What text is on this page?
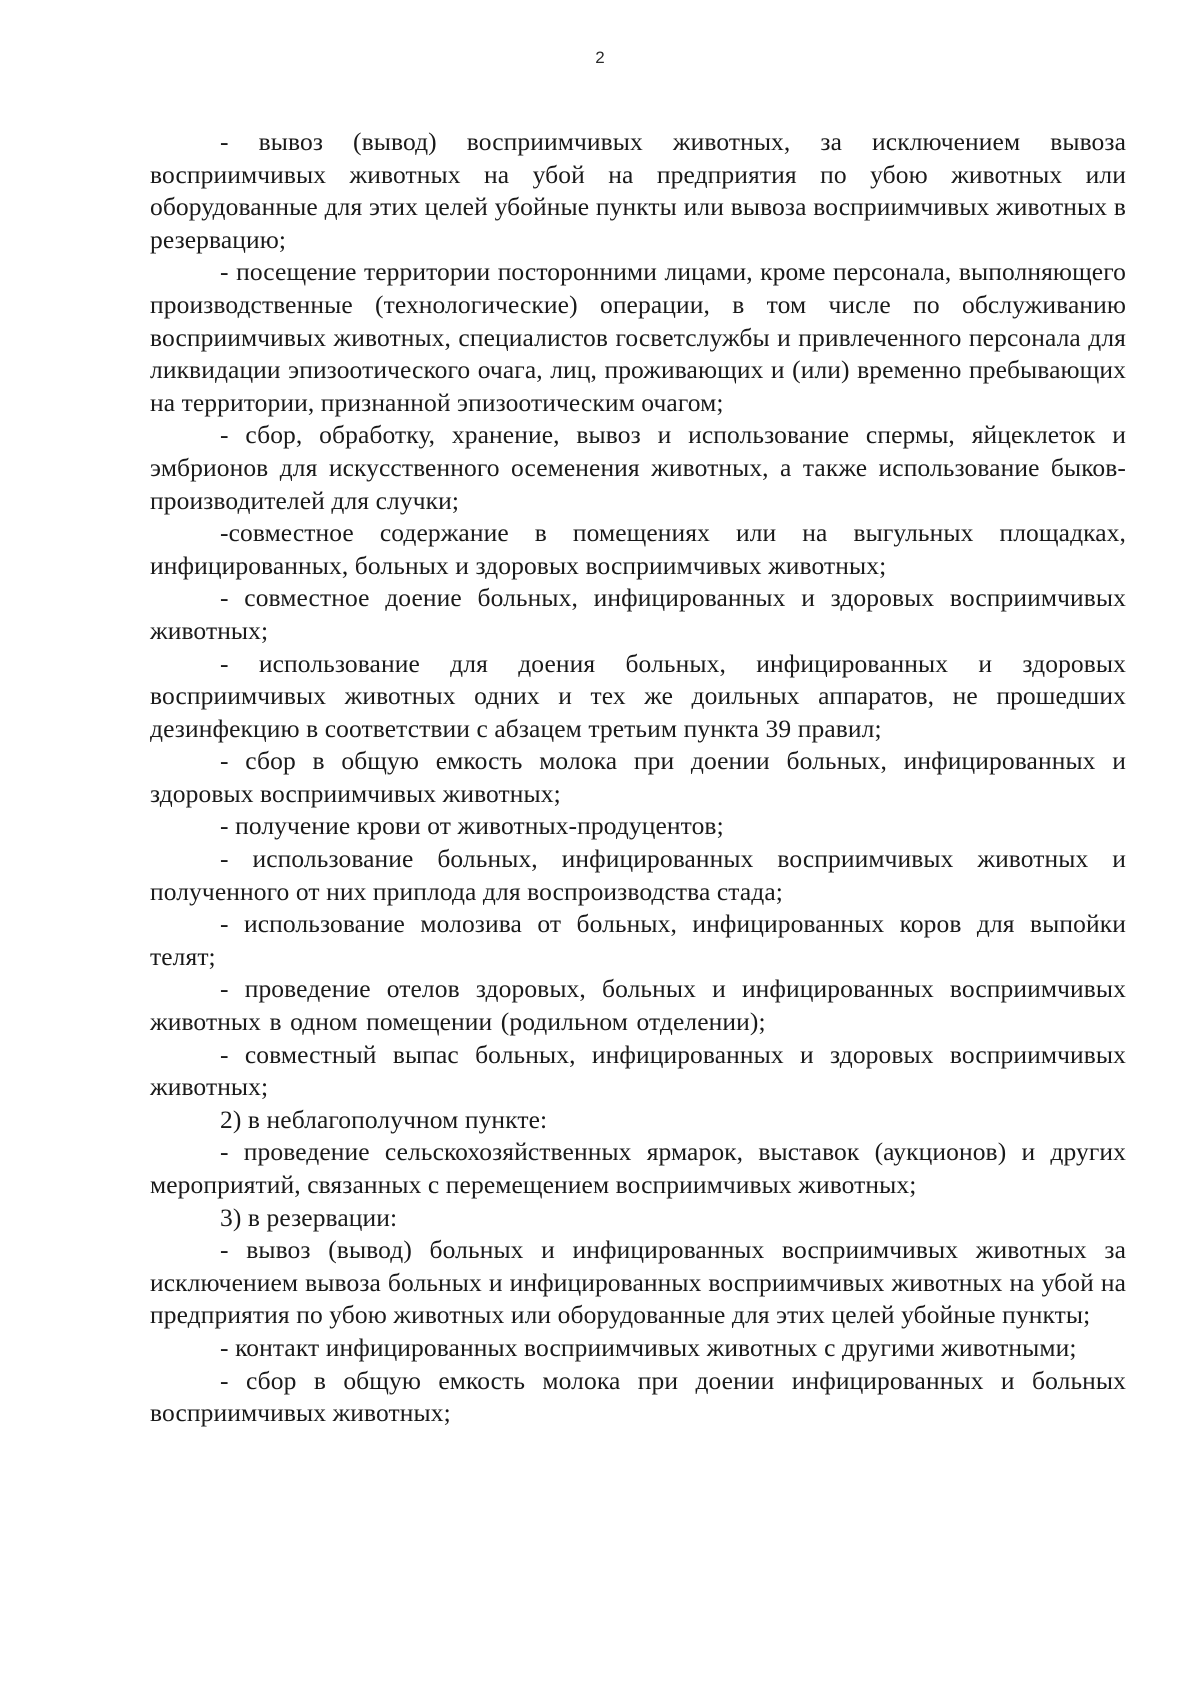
2

- вывоз (вывод) восприимчивых животных, за исключением вывоза восприимчивых животных на убой на предприятия по убою животных или оборудованные для этих целей убойные пункты или вывоза восприимчивых животных в резервацию;

- посещение территории посторонними лицами, кроме персонала, выполняющего производственные (технологические) операции, в том числе по обслуживанию восприимчивых животных, специалистов госветслужбы и привлеченного персонала для ликвидации эпизоотического очага, лиц, проживающих и (или) временно пребывающих на территории, признанной эпизоотическим очагом;

- сбор, обработку, хранение, вывоз и использование спермы, яйцеклеток и эмбрионов для искусственного осеменения животных, а также использование быков-производителей для случки;

-совместное содержание в помещениях или на выгульных площадках, инфицированных, больных и здоровых восприимчивых животных;

- совместное доение больных, инфицированных и здоровых восприимчивых животных;

- использование для доения больных, инфицированных и здоровых восприимчивых животных одних и тех же доильных аппаратов, не прошедших дезинфекцию в соответствии с абзацем третьим пункта 39 правил;

- сбор в общую емкость молока при доении больных, инфицированных и здоровых восприимчивых животных;

- получение крови от животных-продуцентов;

- использование больных, инфицированных восприимчивых животных и полученного от них приплода для воспроизводства стада;

- использование молозива от больных, инфицированных коров для выпойки телят;

- проведение отелов здоровых, больных и инфицированных восприимчивых животных в одном помещении (родильном отделении);

- совместный выпас больных, инфицированных и здоровых восприимчивых животных;

2) в неблагополучном пункте:

- проведение сельскохозяйственных ярмарок, выставок (аукционов) и других мероприятий, связанных с перемещением восприимчивых животных;

3) в резервации:

- вывоз (вывод) больных и инфицированных восприимчивых животных за исключением вывоза больных и инфицированных восприимчивых животных на убой на предприятия по убою животных или оборудованные для этих целей убойные пункты;

- контакт инфицированных восприимчивых животных с другими животными;

- сбор в общую емкость молока при доении инфицированных и больных восприимчивых животных;
